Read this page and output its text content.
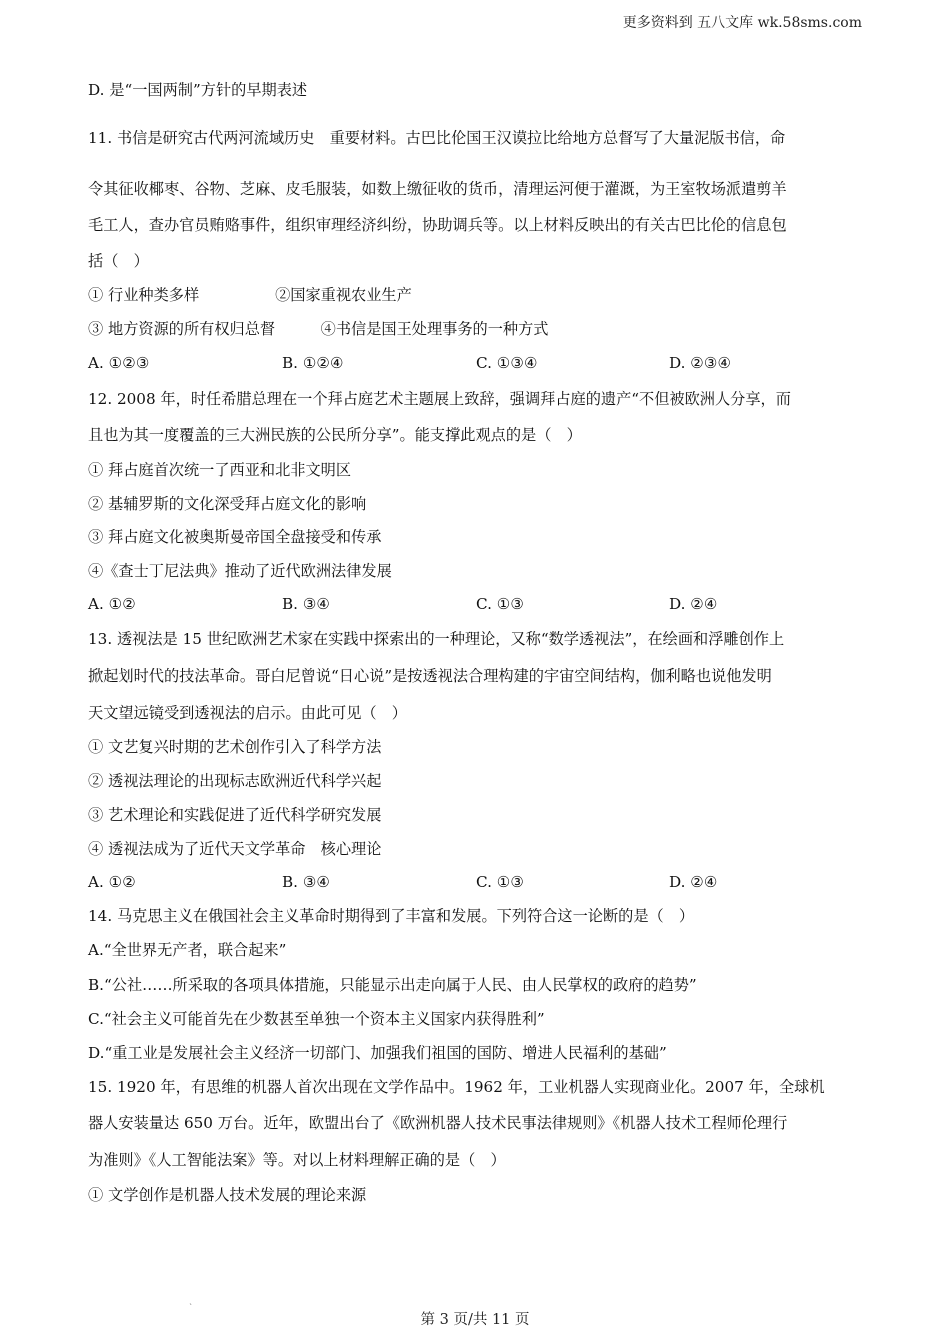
更多资料到 五八文库 wk.58sms.com
D. 是“一国两制”方针的早期表述
11. 书信是研究古代两河流域历史　重要材料。古巴比伦国王汉谟拉比给地方总督写了大量泥版书信，命
令其征收椰枣、谷物、芝麻、皮毛服装，如数上缴征收的货币，清理运河便于灌溉，为王室牧场派遣剪羊
毛工人，查办官员贿赂事件，组织审理经济纠纷，协助调兵等。以上材料反映出的有关古巴比伦的信息包
括（　）
① 行业种类多样　　　　　②国家重视农业生产
③ 地方资源的所有权归总督　　　④书信是国王处理事务的一种方式
A. ①②③	B. ①②④	C. ①③④	D. ②③④
12. 2008 年，时任希腊总理在一个拜占庭艺术主题展上致辞，强调拜占庭的遗产“不但被欧洲人分享，而
且也为其一度覆盖的三大洲民族的公民所分享”。能支撑此观点的是（　）
① 拜占庭首次统一了西亚和北非文明区
② 基辅罗斯的文化深受拜占庭文化的影响
③ 拜占庭文化被奥斯曼帝国全盘接受和传承
④《查士丁尼法典》推动了近代欧洲法律发展
A. ①②	B. ③④	C. ①③	D. ②④
13. 透视法是 15 世纪欧洲艺术家在实践中探索出的一种理论，又称“数学透视法”，在绘画和浮雕创作上
掀起划时代的技法革命。哥白尼曾说“日心说”是按透视法合理构建的宇宙空间结构，伽利略也说他发明
天文望远镜受到透视法的启示。由此可见（　）
① 文艺复兴时期的艺术创作引入了科学方法
② 透视法理论的出现标志欧洲近代科学兴起
③ 艺术理论和实践促进了近代科学研究发展
④ 透视法成为了近代天文学革命　核心理论
A. ①②	B. ③④	C. ①③	D. ②④
14. 马克思主义在俄国社会主义革命时期得到了丰富和发展。下列符合这一论断的是（　）
A.“全世界无产者，联合起来”
B.“公社……所采取的各项具体措施，只能显示出走向属于人民、由人民掌权的政府的趋势”
C.“社会主义可能首先在少数甚至单独一个资本主义国家内获得胜利”
D.“重工业是发展社会主义经济一切部门、加强我们祖国的国防、增进人民福利的基础”
15. 1920 年，有思维的机器人首次出现在文学作品中。1962 年，工业机器人实现商业化。2007 年，全球机
器人安装量达 650 万台。近年，欧盟出台了《欧洲机器人技术民事法律规则》《机器人技术工程师伦理行
为准则》《人工智能法案》等。对以上材料理解正确的是（　）
① 文学创作是机器人技术发展的理论来源
`
第 3 页/共 11 页
